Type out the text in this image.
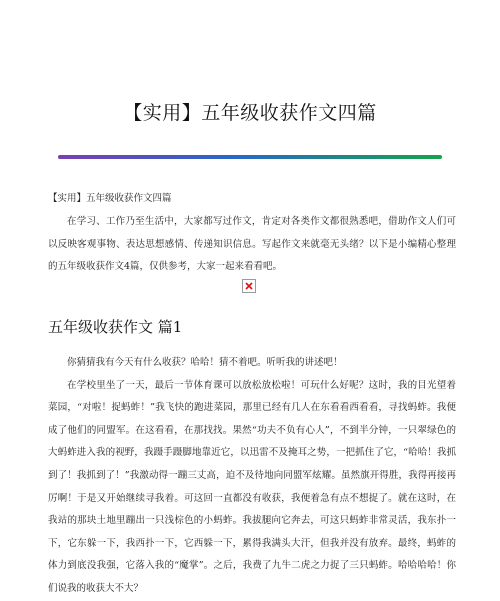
【实用】五年级收获作文四篇
【实用】五年级收获作文四篇

在学习、工作乃至生活中，大家都写过作文，肯定对各类作文都很熟悉吧，借助作文人们可以反映客观事物、表达思想感情、传递知识信息。写起作文来就毫无头绪？以下是小编精心整理的五年级收获作文4篇，仅供参考，大家一起来看看吧。

五年级收获作文 篇1

你猜猜我有今天有什么收获？哈哈！猜不着吧。听听我的讲述吧！

在学校里坐了一天，最后一节体育课可以放松放松啦！可玩什么好呢？这时，我的目光望着菜园，“对啦！捉蚂蚱！”我飞快的跑进菜园，那里已经有几人在东看看西看看，寻找蚂蚱。我便成了他们的同盟军。在这看看，在那找找。果然“功夫不负有心人”，不到半分钟，一只翠绿色的大蚂蚱进入我的视野，我蹑手蹑脚地靠近它，以迅雷不及掩耳之势，一把抓住了它，“哈哈！我抓到了！我抓到了！”我激动得一蹦三丈高，迫不及待地向同盟军炫耀。虽然旗开得胜，我得再接再厉啊！于是又开始继续寻我着。可这回一直都没有收获，我便着急有点不想捉了。就在这时，在我站的那块土地里蹦出一只浅棕色的小蚂蚱。我拔腿向它奔去，可这只蚂蚱非常灵活，我东扑一下，它东躲一下，我西扑一下，它西躲一下，累得我满头大汗，但我并没有放弃。最终，蚂蚱的体力到底没我强，它落入我的“魔掌”。之后，我费了九牛二虎之力捉了三只蚂蚱。哈哈哈哈！你们说我的收获大不大？
